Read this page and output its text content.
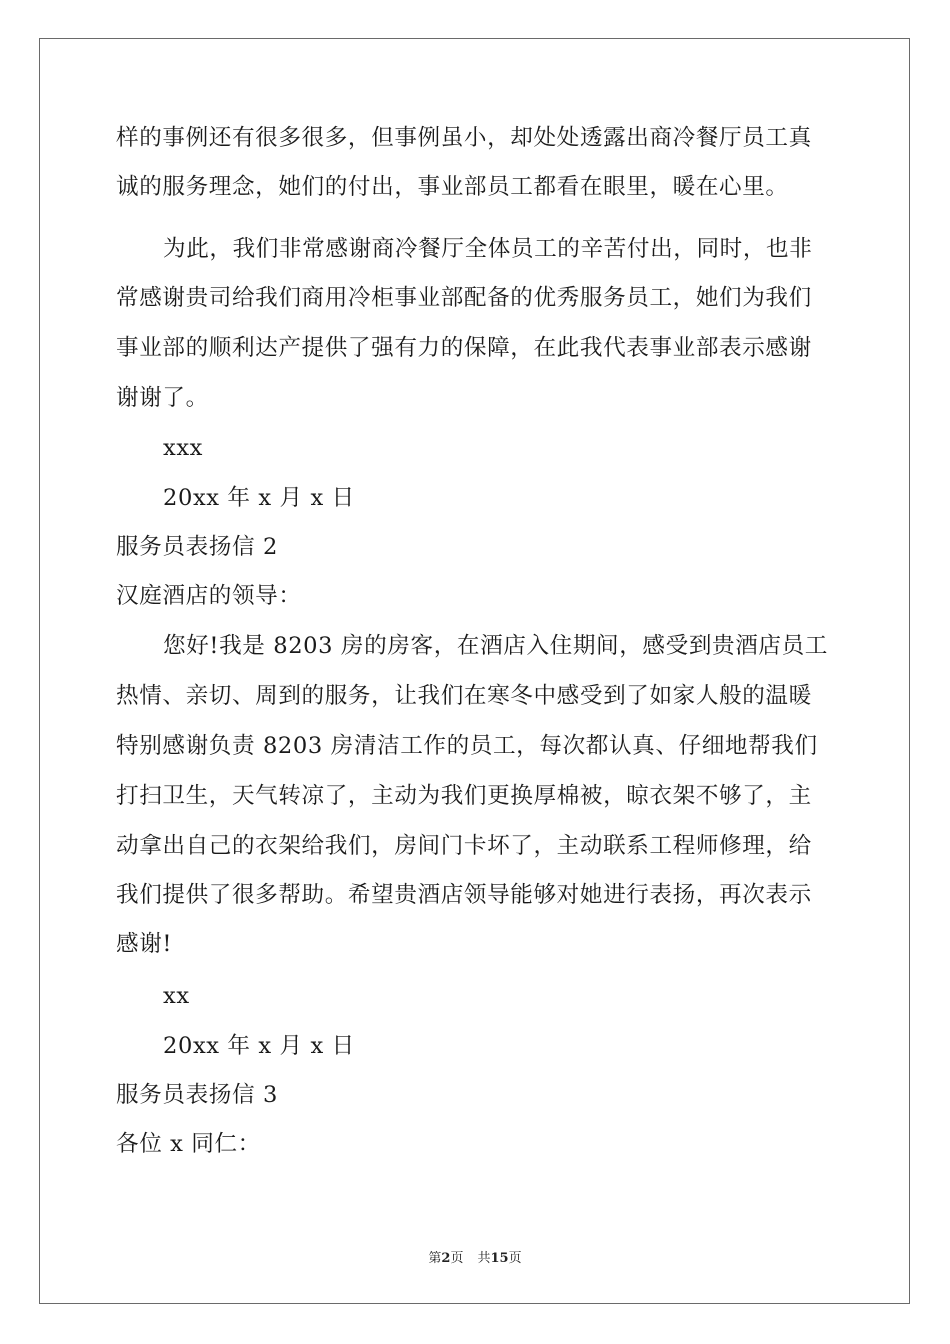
样的事例还有很多很多，但事例虽小，却处处透露出商冷餐厅员工真
诚的服务理念，她们的付出，事业部员工都看在眼里，暖在心里。
为此，我们非常感谢商冷餐厅全体员工的辛苦付出，同时，也非
常感谢贵司给我们商用冷柜事业部配备的优秀服务员工，她们为我们
事业部的顺利达产提供了强有力的保障，在此我代表事业部表示感谢
谢谢了。
xxx
20xx 年 x 月 x 日
服务员表扬信 2
汉庭酒店的领导：
您好!我是 8203 房的房客，在酒店入住期间，感受到贵酒店员工
热情、亲切、周到的服务，让我们在寒冬中感受到了如家人般的温暖
特别感谢负责 8203 房清洁工作的员工，每次都认真、仔细地帮我们
打扫卫生，天气转凉了，主动为我们更换厚棉被，晾衣架不够了，主
动拿出自己的衣架给我们，房间门卡坏了，主动联系工程师修理，给
我们提供了很多帮助。希望贵酒店领导能够对她进行表扬，再次表示
感谢!
xx
20xx 年 x 月 x 日
服务员表扬信 3
各位 x 同仁：
第2页 共15页
